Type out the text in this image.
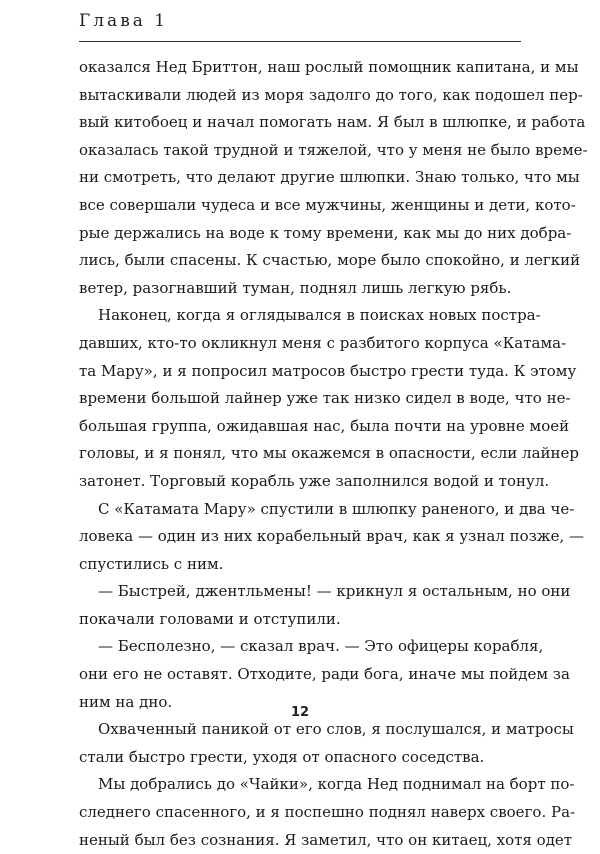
Глава 1
оказался Нед Бриттон, наш рослый помощник капитана, и мы
вытаскивали людей из моря задолго до того, как подошел пер-
вый китобоец и начал помогать нам. Я был в шлюпке, и работа
оказалась такой трудной и тяжелой, что у меня не было време-
ни смотреть, что делают другие шлюпки. Знаю только, что мы
все совершали чудеса и все мужчины, женщины и дети, кото-
рые держались на воде к тому времени, как мы до них добра-
лись, были спасены. К счастью, море было спокойно, и легкий
ветер, разогнавший туман, поднял лишь легкую рябь.
Наконец, когда я оглядывался в поисках новых постра-
давших, кто-то окликнул меня с разбитого корпуса «Катама-
та Мару», и я попросил матросов быстро грести туда. К этому
времени большой лайнер уже так низко сидел в воде, что не-
большая группа, ожидавшая нас, была почти на уровне моей
головы, и я понял, что мы окажемся в опасности, если лайнер
затонет. Торговый корабль уже заполнился водой и тонул.
С «Катамата Мару» спустили в шлюпку раненого, и два че-
ловека — один из них корабельный врач, как я узнал позже, —
спустились с ним.
— Быстрей, джентльмены! — крикнул я остальным, но они
покачали головами и отступили.
— Бесполезно, — сказал врач. — Это офицеры корабля,
они его не оставят. Отходите, ради бога, иначе мы пойдем за
ним на дно.
Охваченный паникой от его слов, я послушался, и матросы
стали быстро грести, уходя от опасного соседства.
Мы добрались до «Чайки», когда Нед поднимал на борт по-
следнего спасенного, и я поспешно поднял наверх своего. Ра-
неный был без сознания. Я заметил, что он китаец, хотя одет
12
